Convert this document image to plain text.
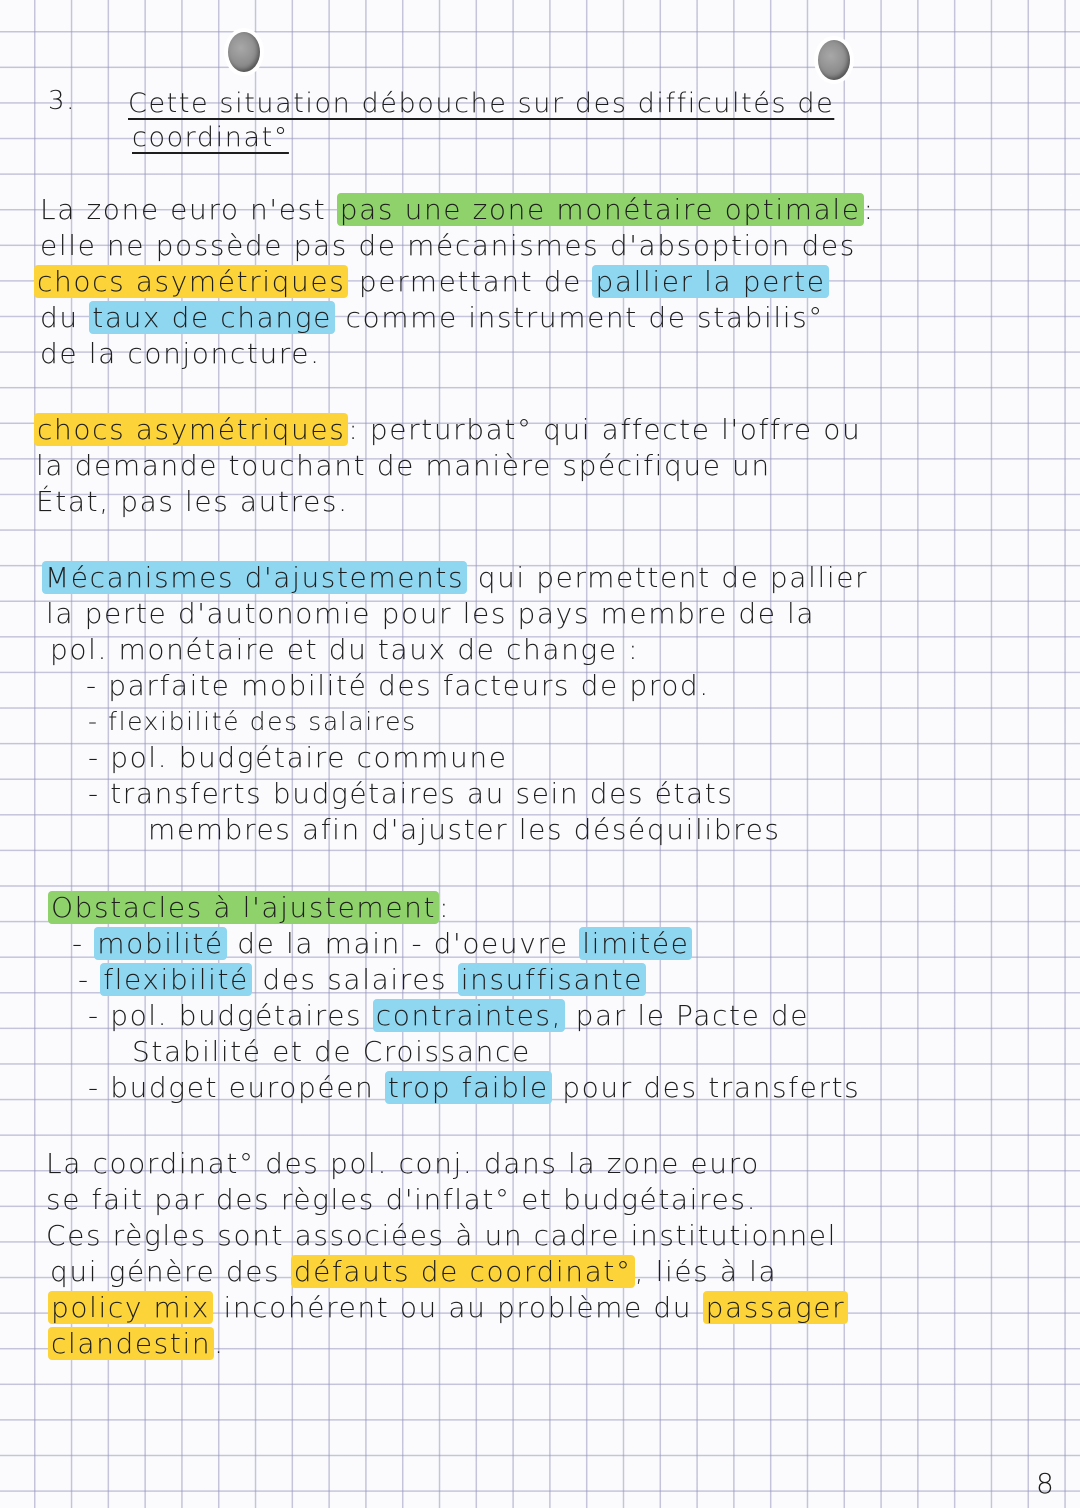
3. Cette situation débouche sur des difficultés de
coordinat°
La zone euro n'est pas une zone monétaire optimale :
elle ne possède pas de mécanismes d'absoption des
chocs asymétriques permettant de pallier la perte
du taux de change comme instrument de stabilis°
de la conjoncture.
chocs asymétriques : perturbat° qui affecte l'offre ou
la demande touchant de manière spécifique un
État, pas les autres.
Mécanismes d'ajustements qui permettent de pallier
la perte d'autonomie pour les pays membre de la
pol. monétaire et du taux de change :
- parfaite mobilité des facteurs de prod.
- flexibilité des salaires
- pol. budgétaire commune
- transferts budgétaires au sein des états
membres afin d'ajuster les déséquilibres
Obstacles à l'ajustement :
- mobilité de la main - d'oeuvre limitée
- flexibilité des salaires insuffisante
- pol. budgétaires contraintes, par le Pacte de
Stabilité et de Croissance
- budget européen trop faible pour des transferts
La coordinat° des pol. conj. dans la zone euro
se fait par des règles d'inflat° et budgétaires.
Ces règles sont associées à un cadre institutionnel
qui génère des défauts de coordinat° , liés à la
policy mix incohérent ou au problème du passager
clandestin .
8
